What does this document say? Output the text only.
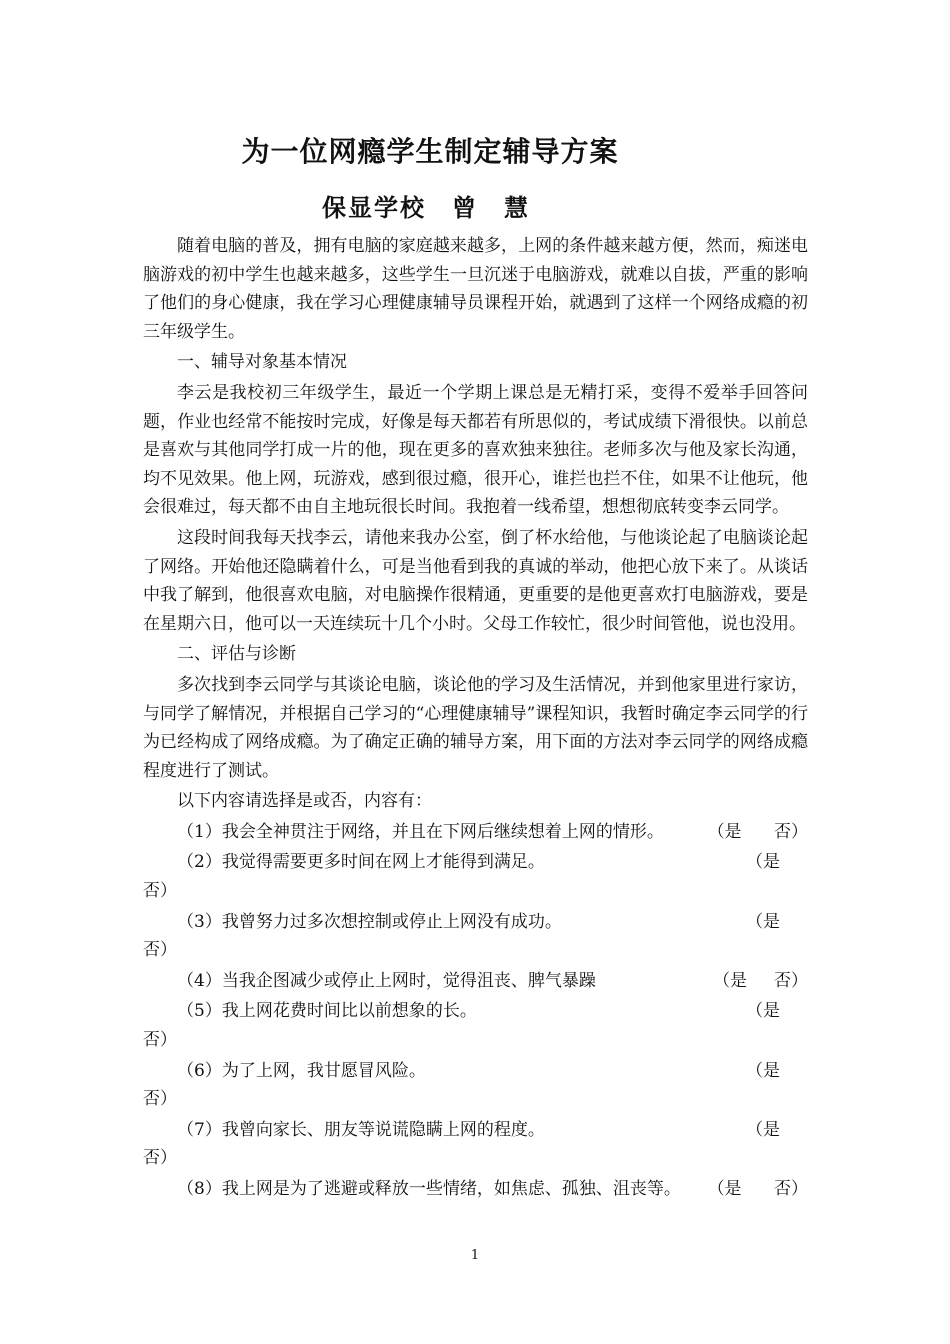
为一位网瘾学生制定辅导方案
保显学校　曾　慧

随着电脑的普及，拥有电脑的家庭越来越多，上网的条件越来越方便，然而，痴迷电脑游戏的初中学生也越来越多，这些学生一旦沉迷于电脑游戏，就难以自拔，严重的影响了他们的身心健康，我在学习心理健康辅导员课程开始，就遇到了这样一个网络成瘾的初三年级学生。

一、辅导对象基本情况

李云是我校初三年级学生，最近一个学期上课总是无精打采，变得不爱举手回答问题，作业也经常不能按时完成，好像是每天都若有所思似的，考试成绩下滑很快。以前总是喜欢与其他同学打成一片的他，现在更多的喜欢独来独往。老师多次与他及家长沟通，均不见效果。他上网，玩游戏，感到很过瘾，很开心，谁拦也拦不住，如果不让他玩，他会很难过，每天都不由自主地玩很长时间。我抱着一线希望，想想彻底转变李云同学。

这段时间我每天找李云，请他来我办公室，倒了杯水给他，与他谈论起了电脑谈论起了网络。开始他还隐瞒着什么，可是当他看到我的真诚的举动，他把心放下来了。从谈话中我了解到，他很喜欢电脑，对电脑操作很精通，更重要的是他更喜欢打电脑游戏，要是在星期六日，他可以一天连续玩十几个小时。父母工作较忙，很少时间管他，说也没用。

二、评估与诊断

多次找到李云同学与其谈论电脑，谈论他的学习及生活情况，并到他家里进行家访，与同学了解情况，并根据自己学习的“心理健康辅导”课程知识，我暂时确定李云同学的行为已经构成了网络成瘾。为了确定正确的辅导方案，用下面的方法对李云同学的网络成瘾程度进行了测试。

以下内容请选择是或否，内容有：

（1）我会全神贯注于网络，并且在下网后继续想着上网的情形。	（是 否）
（2）我觉得需要更多时间在网上才能得到满足。	（是
否）
（3）我曾努力过多次想控制或停止上网没有成功。	（是
否）
（4）当我企图减少或停止上网时，觉得沮丧、脾气暴躁	（是 否）
（5）我上网花费时间比以前想象的长。	（是
否）
（6）为了上网，我甘愿冒风险。	（是
否）
（7）我曾向家长、朋友等说谎隐瞒上网的程度。	（是
否）
（8）我上网是为了逃避或释放一些情绪，如焦虑、孤独、沮丧等。 （是 否）
1
